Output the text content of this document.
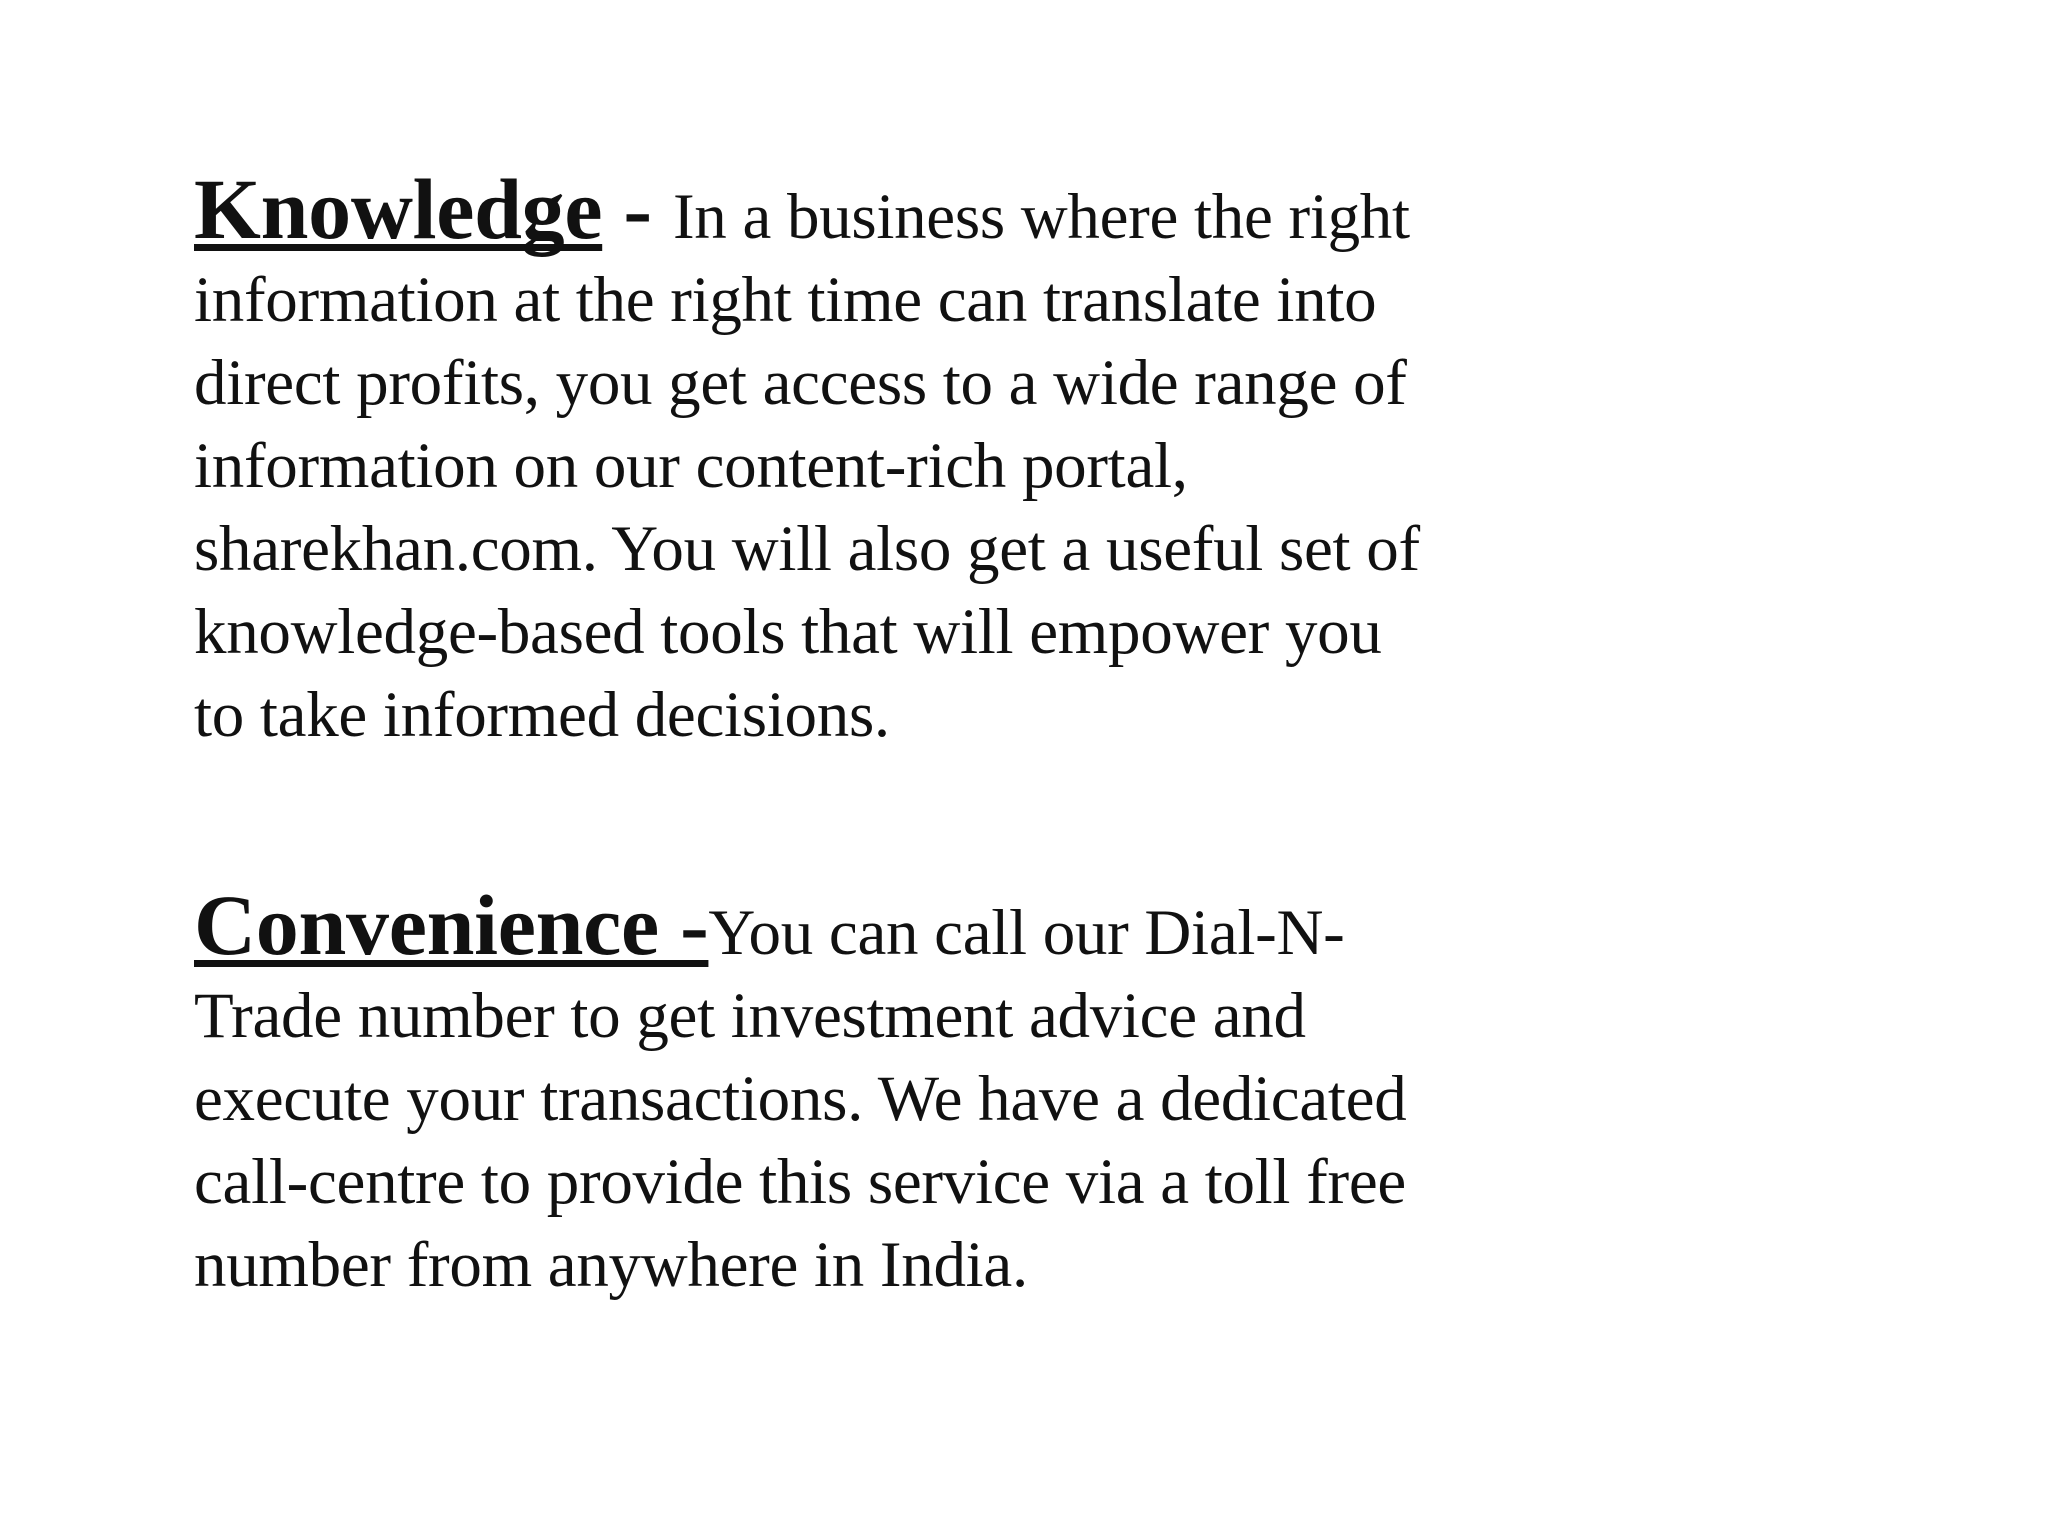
Knowledge - In a business where the right
information at the right time can translate into
direct profits, you get access to a wide range of
information on our content-rich portal,
sharekhan.com. You will also get a useful set of
knowledge-based tools that will empower you
to take informed decisions.

Convenience -You can call our Dial-N-
Trade number to get investment advice and
execute your transactions. We have a dedicated
call-centre to provide this service via a toll free
number from anywhere in India.
